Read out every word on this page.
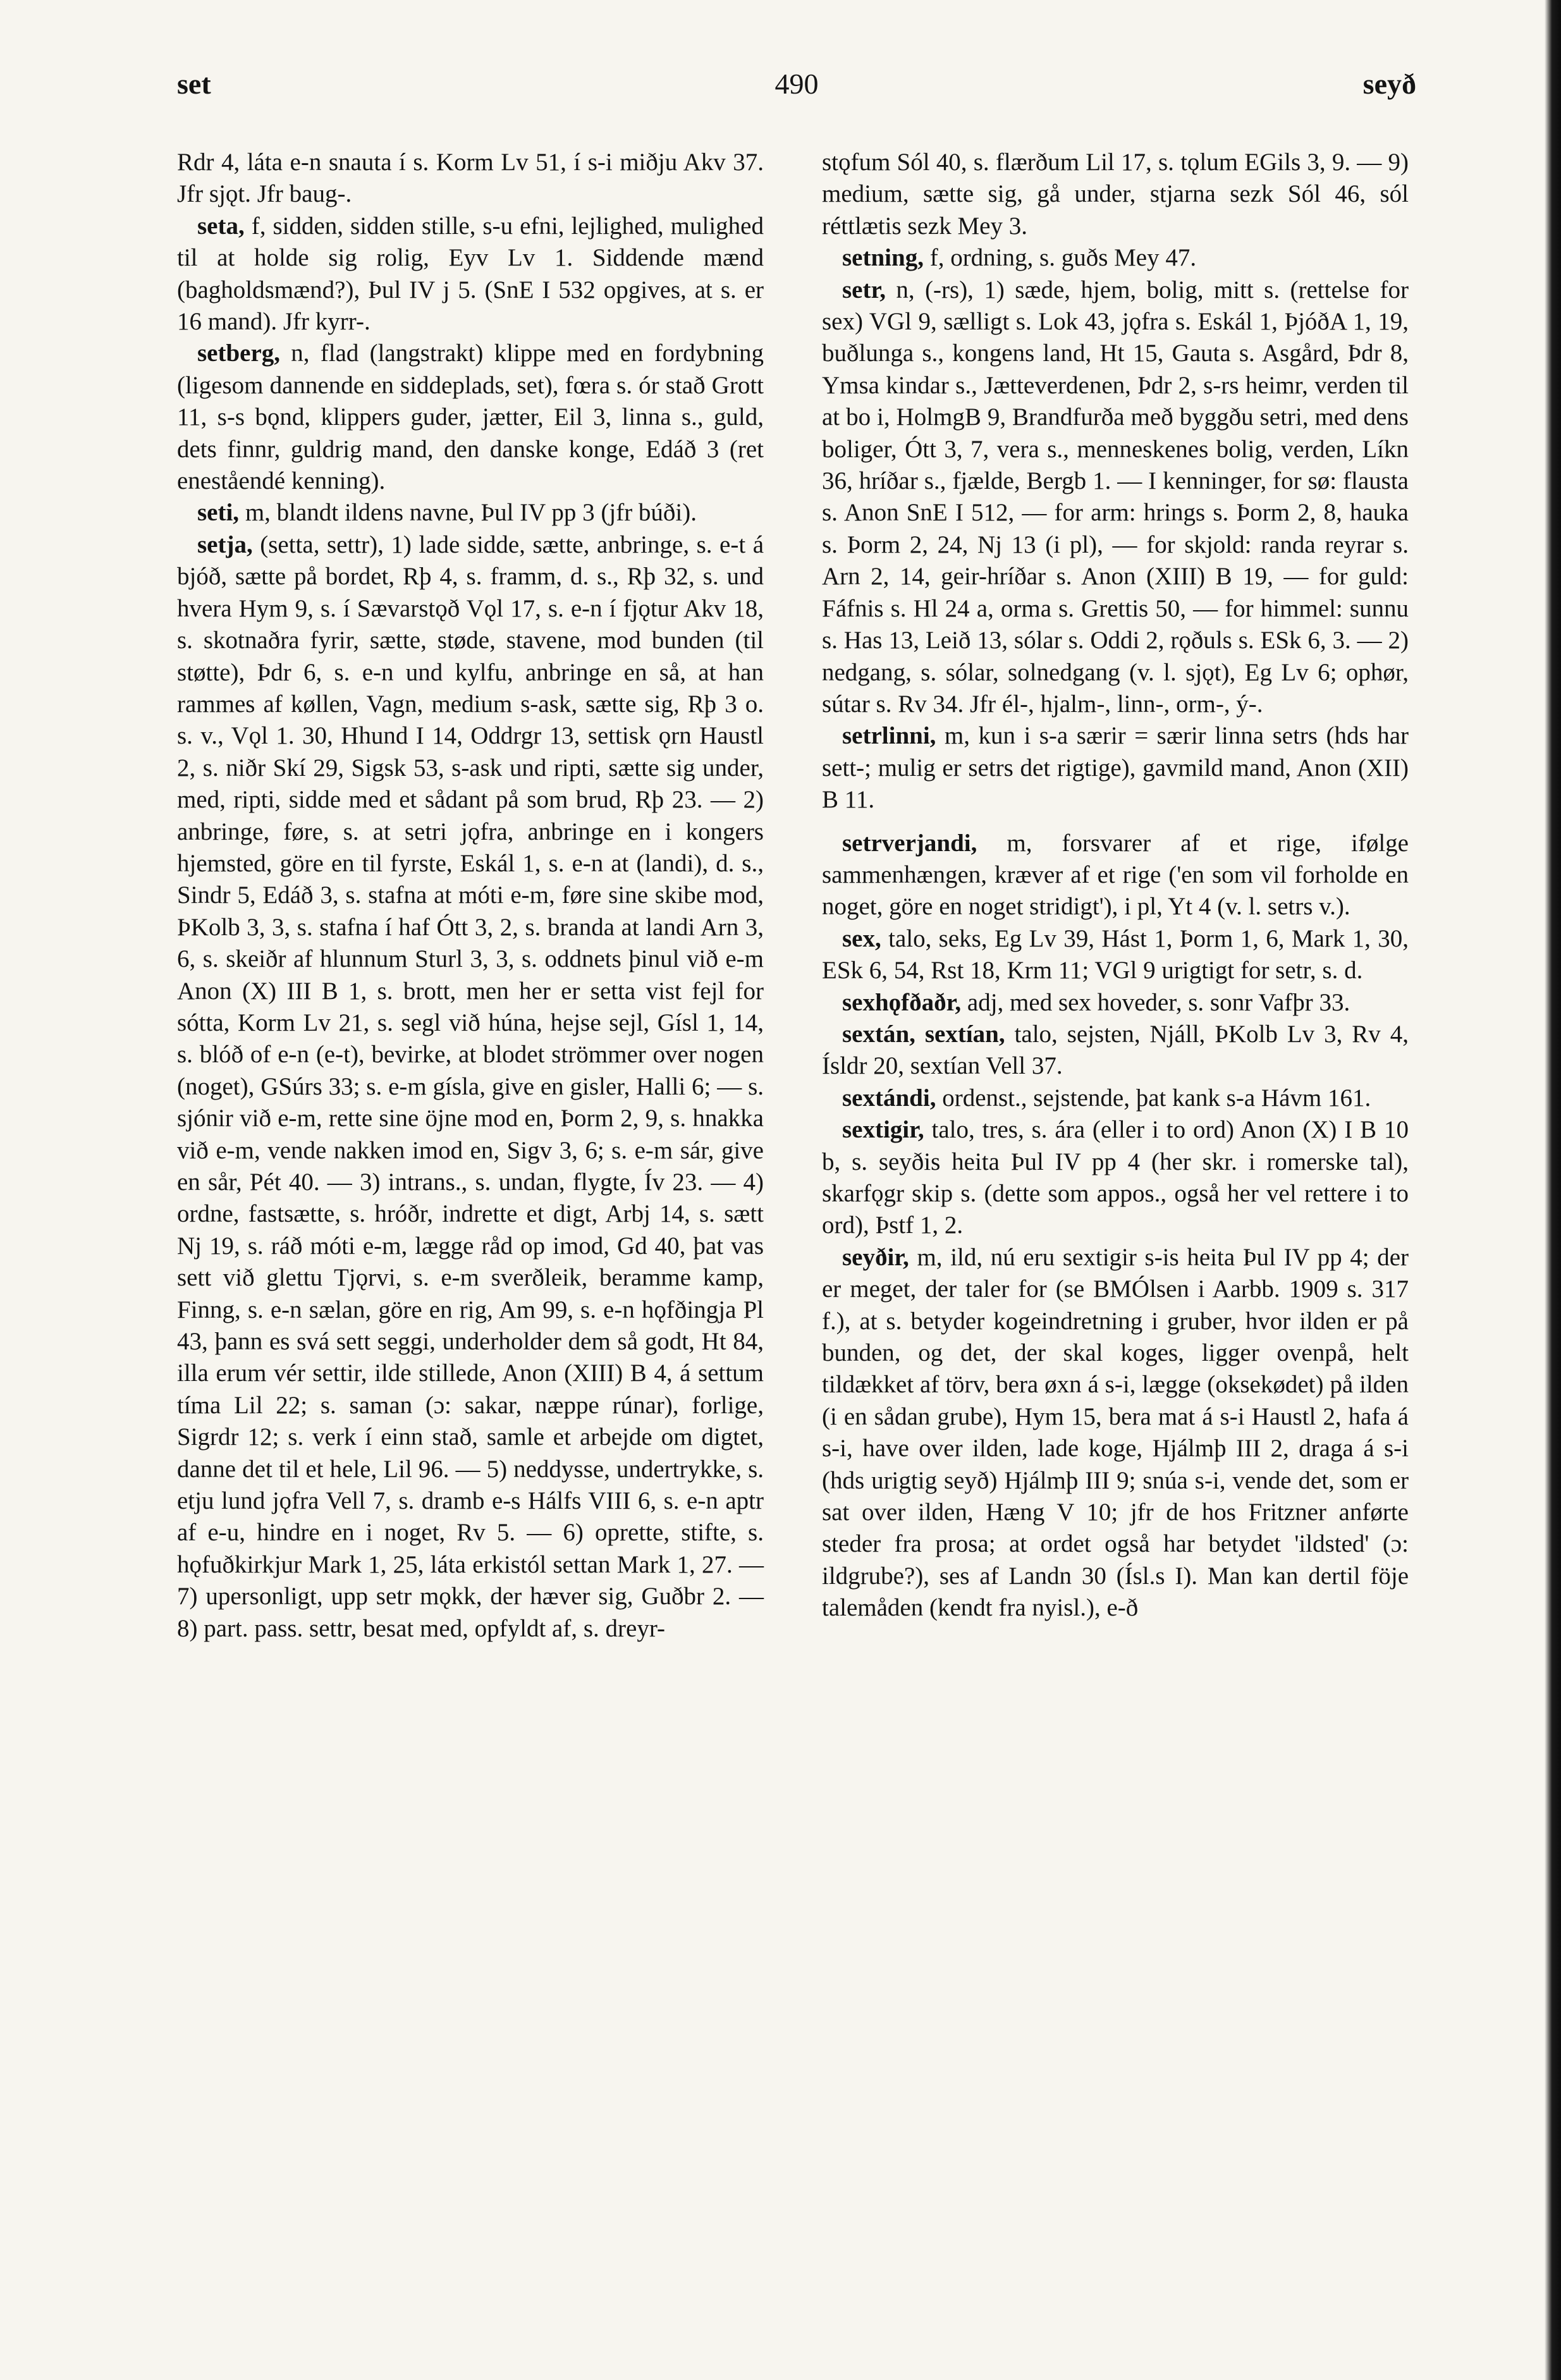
set	490	seyð

Rdr 4, láta e-n snauta í s. Korm Lv 51, í s-i miðju Akv 37. Jfr sjǫt. Jfr baug-.

seta, f, sidden, sidden stille, s-u efni, lejlighed, mulighed til at holde sig rolig, Eyv Lv 1. Siddende mænd (bagholdsmænd?), Þul IV j 5. (SnE I 532 opgives, at s. er 16 mand). Jfr kyrr-.

setberg, n, flad (langstrakt) klippe med en fordybning (ligesom dannende en siddeplads, set), fœra s. ór stað Grott 11, s-s bǫnd, klippers guder, jætter, Eil 3, linna s., guld, dets finnr, guldrig mand, den danske konge, Edáð 3 (ret eneståendé kenning).

seti, m, blandt ildens navne, Þul IV pp 3 (jfr búði).

setja, (setta, settr), 1) lade sidde, sætte, anbringe, s. e-t á bjóð, sætte på bordet, Rþ 4, s. framm, d. s., Rþ 32, s. und hvera Hym 9, s. í Sævarstǫð Vǫl 17, s. e-n í fjǫtur Akv 18, s. skotnaðra fyrir, sætte, støde, stavene, mod bunden (til støtte), Þdr 6, s. e-n und kylfu, anbringe en så, at han rammes af køllen, Vagn, medium s-ask, sætte sig, Rþ 3 o. s. v., Vǫl 1. 30, Hhund I 14, Oddrgr 13, settisk ǫrn Haustl 2, s. niðr Skí 29, Sigsk 53, s-ask und ripti, sætte sig under, med, ripti, sidde med et sådant på som brud, Rþ 23. — 2) anbringe, føre, s. at setri jǫfra, anbringe en i kongers hjemsted, göre en til fyrste, Eskál 1, s. e-n at (landi), d. s., Sindr 5, Edáð 3, s. stafna at móti e-m, føre sine skibe mod, ÞKolb 3, 3, s. stafna í haf Ótt 3, 2, s. branda at landi Arn 3, 6, s. skeiðr af hlunnum Sturl 3, 3, s. oddnets þinul við e-m Anon (X) III B 1, s. brott, men her er setta vist fejl for sótta, Korm Lv 21, s. segl við húna, hejse sejl, Gísl 1, 14, s. blóð of e-n (e-t), bevirke, at blodet strömmer over nogen (noget), GSúrs 33; s. e-m gísla, give en gisler, Halli 6; — s. sjónir við e-m, rette sine öjne mod en, Þorm 2, 9, s. hnakka við e-m, vende nakken imod en, Sigv 3, 6; s. e-m sár, give en sår, Pét 40. — 3) intrans., s. undan, flygte, Ív 23. — 4) ordne, fastsætte, s. hróðr, indrette et digt, Arbj 14, s. sætt Nj 19, s. ráð móti e-m, lægge råd op imod, Gd 40, þat vas sett við glettu Tjǫrvi, s. e-m sverðleik, beramme kamp, Finng, s. e-n sælan, göre en rig, Am 99, s. e-n hǫfðingja Pl 43, þann es svá sett seggi, underholder dem så godt, Ht 84, illa erum vér settir, ilde stillede, Anon (XIII) B 4, á settum tíma Lil 22; s. saman (ɔ: sakar, næppe rúnar), forlige, Sigrdr 12; s. verk í einn stað, samle et arbejde om digtet, danne det til et hele, Lil 96. — 5) neddysse, undertrykke, s. etju lund jǫfra Vell 7, s. dramb e-s Hálfs VIII 6, s. e-n aptr af e-u, hindre en i noget, Rv 5. — 6) oprette, stifte, s. hǫfuðkirkjur Mark 1, 25, láta erkistól settan Mark 1, 27. — 7) upersonligt, upp setr mǫkk, der hæver sig, Guðbr 2. — 8) part. pass. settr, besat med, opfyldt af, s. dreyr-

stǫfum Sól 40, s. flærðum Lil 17, s. tǫlum EGils 3, 9. — 9) medium, sætte sig, gå under, stjarna sezk Sól 46, sól réttlætis sezk Mey 3.

setning, f, ordning, s. guðs Mey 47.

setr, n, (-rs), 1) sæde, hjem, bolig, mitt s. (rettelse for sex) VGl 9, sælligt s. Lok 43, jǫfra s. Eskál 1, ÞjóðA 1, 19, buðlunga s., kongens land, Ht 15, Gauta s. Asgård, Þdr 8, Ymsa kindar s., Jætteverdenen, Þdr 2, s-rs heimr, verden til at bo i, HolmgB 9, Brandfurða með byggðu setri, med dens boliger, Ótt 3, 7, vera s., menneskenes bolig, verden, Líkn 36, hríðar s., fjælde, Bergb 1. — I kenninger, for sø: flausta s. Anon SnE I 512, — for arm: hrings s. Þorm 2, 8, hauka s. Þorm 2, 24, Nj 13 (i pl), — for skjold: randa reyrar s. Arn 2, 14, geir-hríðar s. Anon (XIII) B 19, — for guld: Fáfnis s. Hl 24 a, orma s. Grettis 50, — for himmel: sunnu s. Has 13, Leið 13, sólar s. Oddi 2, rǫðuls s. ESk 6, 3. — 2) nedgang, s. sólar, solnedgang (v. l. sjǫt), Eg Lv 6; ophør, sútar s. Rv 34. Jfr él-, hjalm-, linn-, orm-, ý-.

setrlinni, m, kun i s-a særir = særir linna setrs (hds har sett-; mulig er setrs det rigtige), gavmild mand, Anon (XII) B 11.

setrverjandi, m, forsvarer af et rige, ifølge sammenhængen, kræver af et rige ('en som vil forholde en noget, göre en noget stridigt'), i pl, Yt 4 (v. l. setrs v.).

sex, talo, seks, Eg Lv 39, Hást 1, Þorm 1, 6, Mark 1, 30, ESk 6, 54, Rst 18, Krm 11; VGl 9 urigtigt for setr, s. d.

sexhǫfðaðr, adj, med sex hoveder, s. sonr Vafþr 33.

sextán, sextían, talo, sejsten, Njáll, ÞKolb Lv 3, Rv 4, Ísldr 20, sextían Vell 37.

sextándi, ordenst., sejstende, þat kank s-a Hávm 161.

sextigir, talo, tres, s. ára (eller i to ord) Anon (X) I B 10 b, s. seyðis heita Þul IV pp 4 (her skr. i romerske tal), skarfǫgr skip s. (dette som appos., også her vel rettere i to ord), Þstf 1, 2.

seyðir, m, ild, nú eru sextigir s-is heita Þul IV pp 4; der er meget, der taler for (se BMÓlsen i Aarbb. 1909 s. 317 f.), at s. betyder kogeindretning i gruber, hvor ilden er på bunden, og det, der skal koges, ligger ovenpå, helt tildækket af törv, bera øxn á s-i, lægge (oksekødet) på ilden (i en sådan grube), Hym 15, bera mat á s-i Haustl 2, hafa á s-i, have over ilden, lade koge, Hjálmþ III 2, draga á s-i (hds urigtig seyð) Hjálmþ III 9; snúa s-i, vende det, som er sat over ilden, Hæng V 10; jfr de hos Fritzner anførte steder fra prosa; at ordet også har betydet 'ildsted' (ɔ: ildgrube?), ses af Landn 30 (Ísl.s I). Man kan dertil föje talemåden (kendt fra nyisl.), e-ð
